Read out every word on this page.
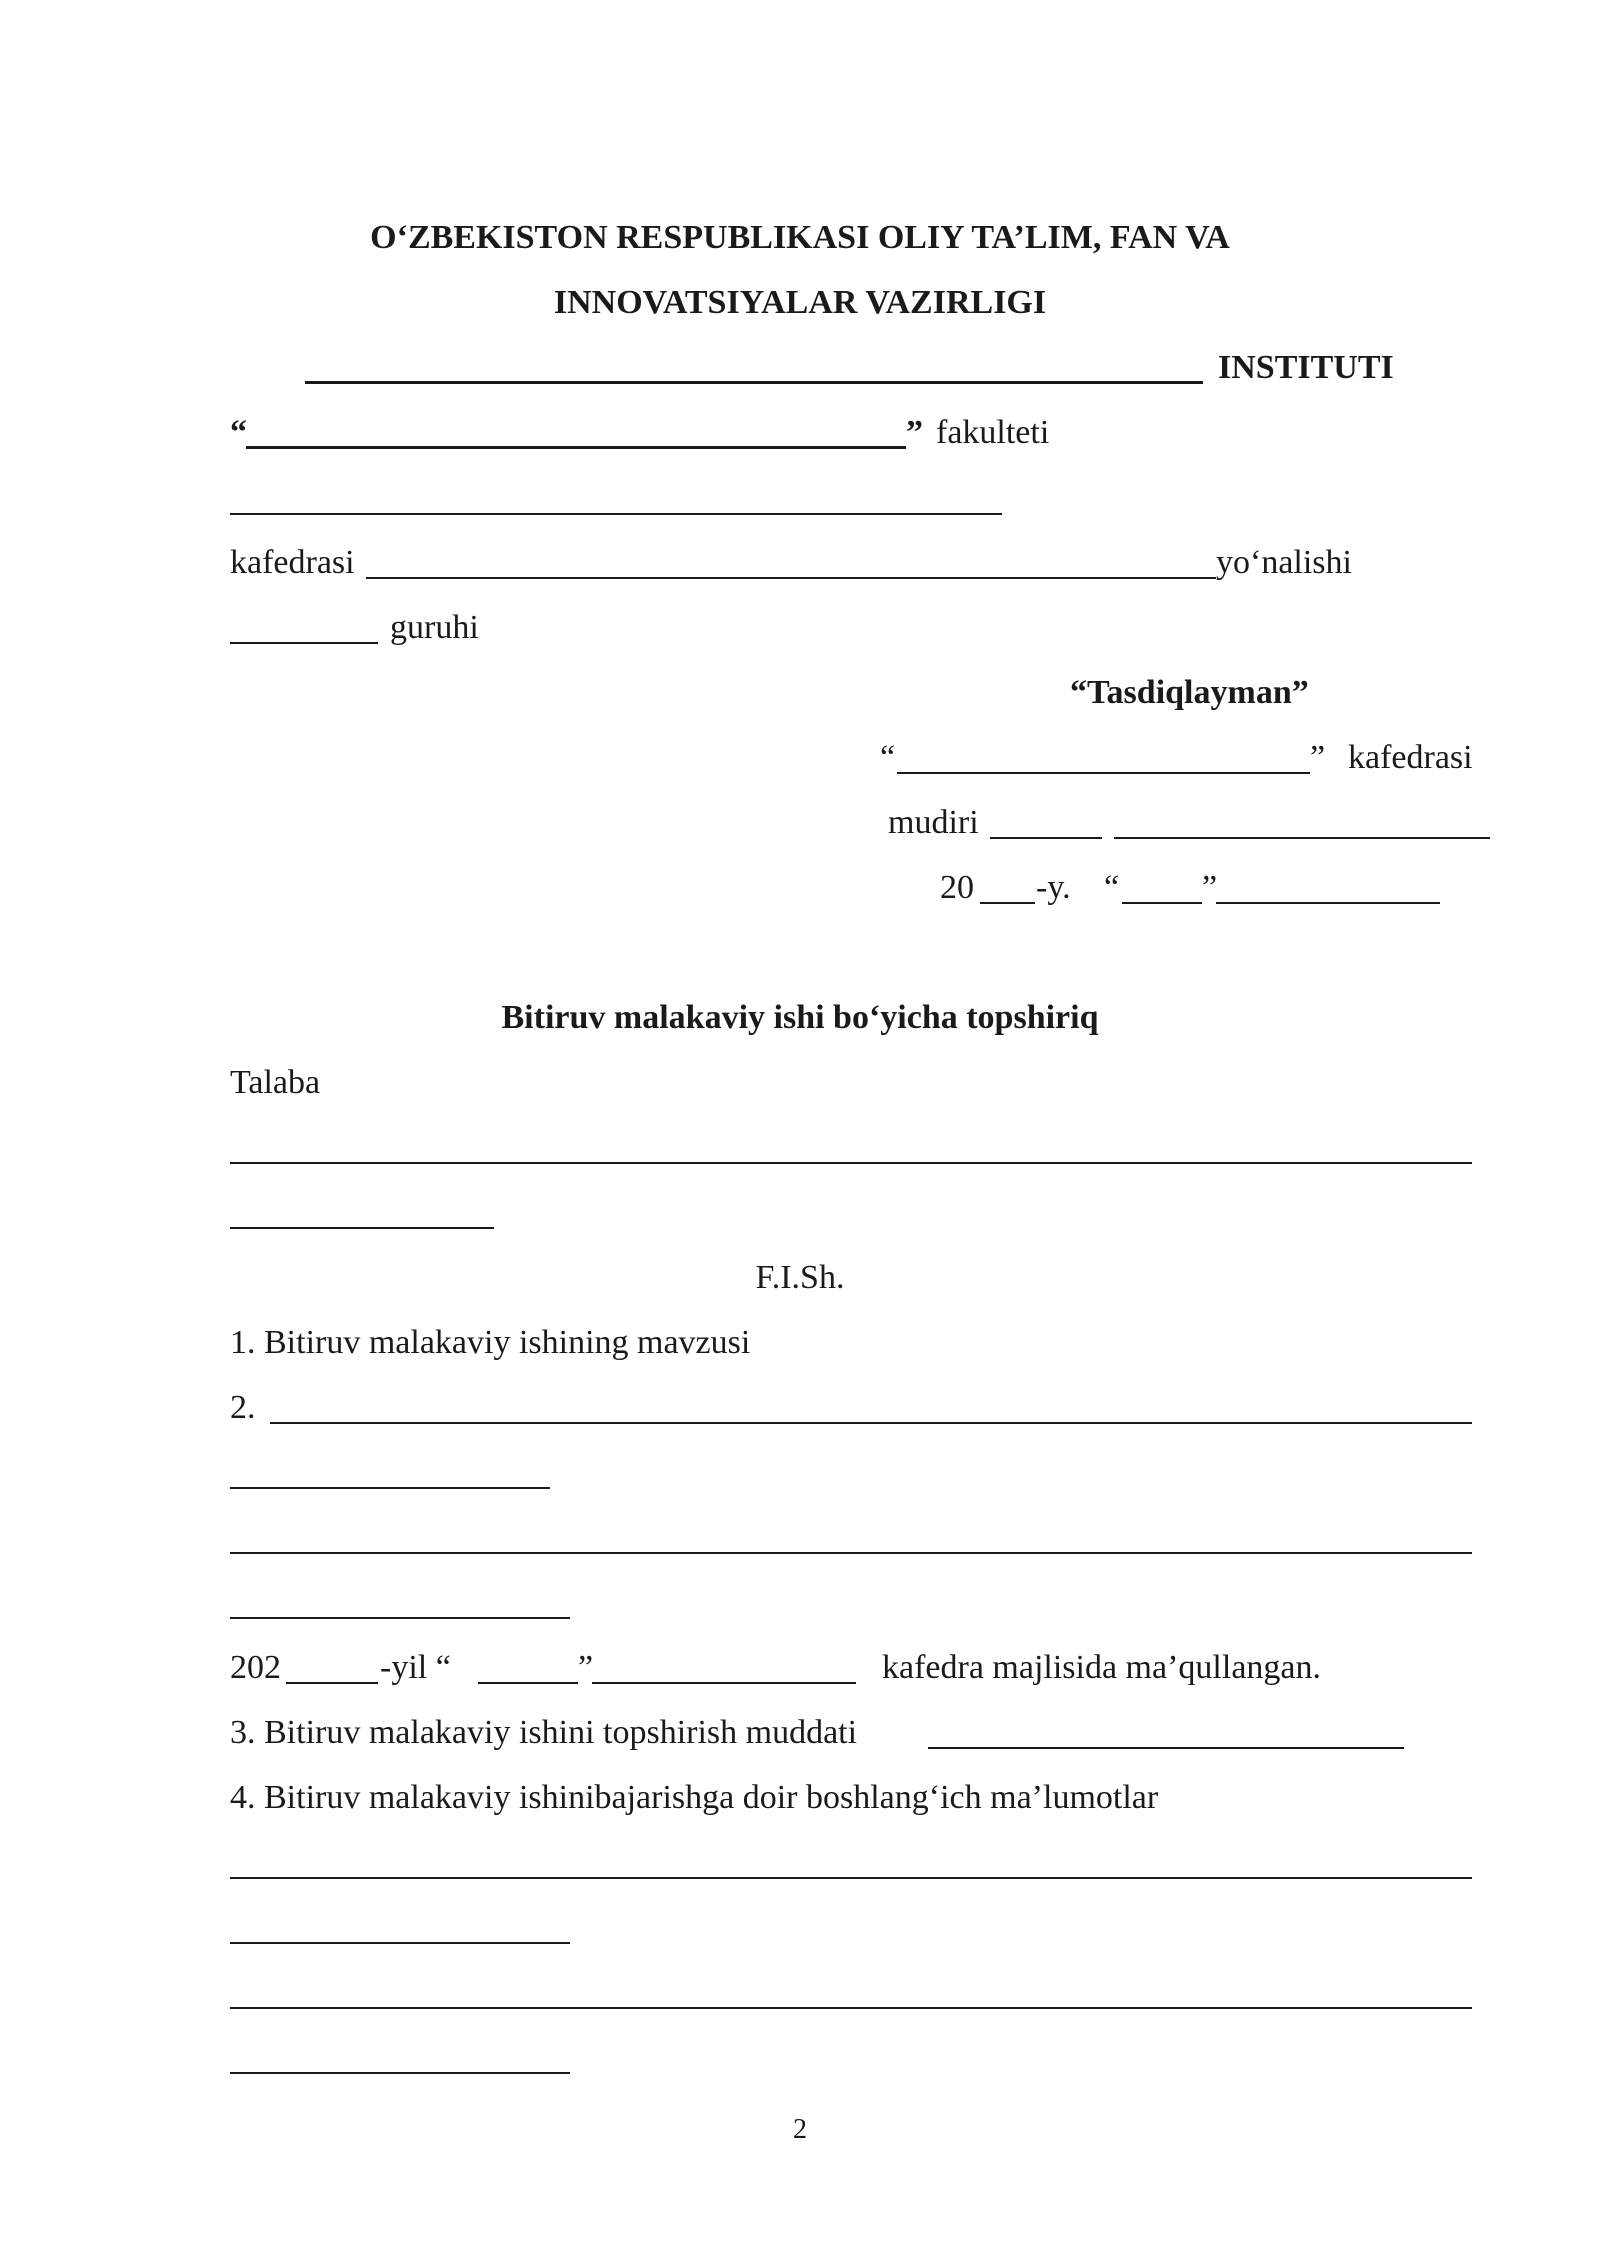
O‘ZBEKISTON RESPUBLIKASI OLIY TA’LIM, FAN VA
INNOVATSIYALAR VAZIRLIGI
INSTITUTI
“	” fakulteti
kafedrasi	yo‘nalishi
guruhi
“Tasdiqlayman”
“	” kafedrasi
mudiri
20 -y. “ ”
Bitiruv malakaviy ishi bo‘yicha topshiriq
Talaba
F.I.Sh.
1. Bitiruv malakaviy ishining mavzusi
2.
202	-yil “	”	kafedra majlisida ma’qullangan.
3. Bitiruv malakaviy ishini topshirish muddati
4. Bitiruv malakaviy ishinibajarishga doir boshlang‘ich ma’lumotlar
2
